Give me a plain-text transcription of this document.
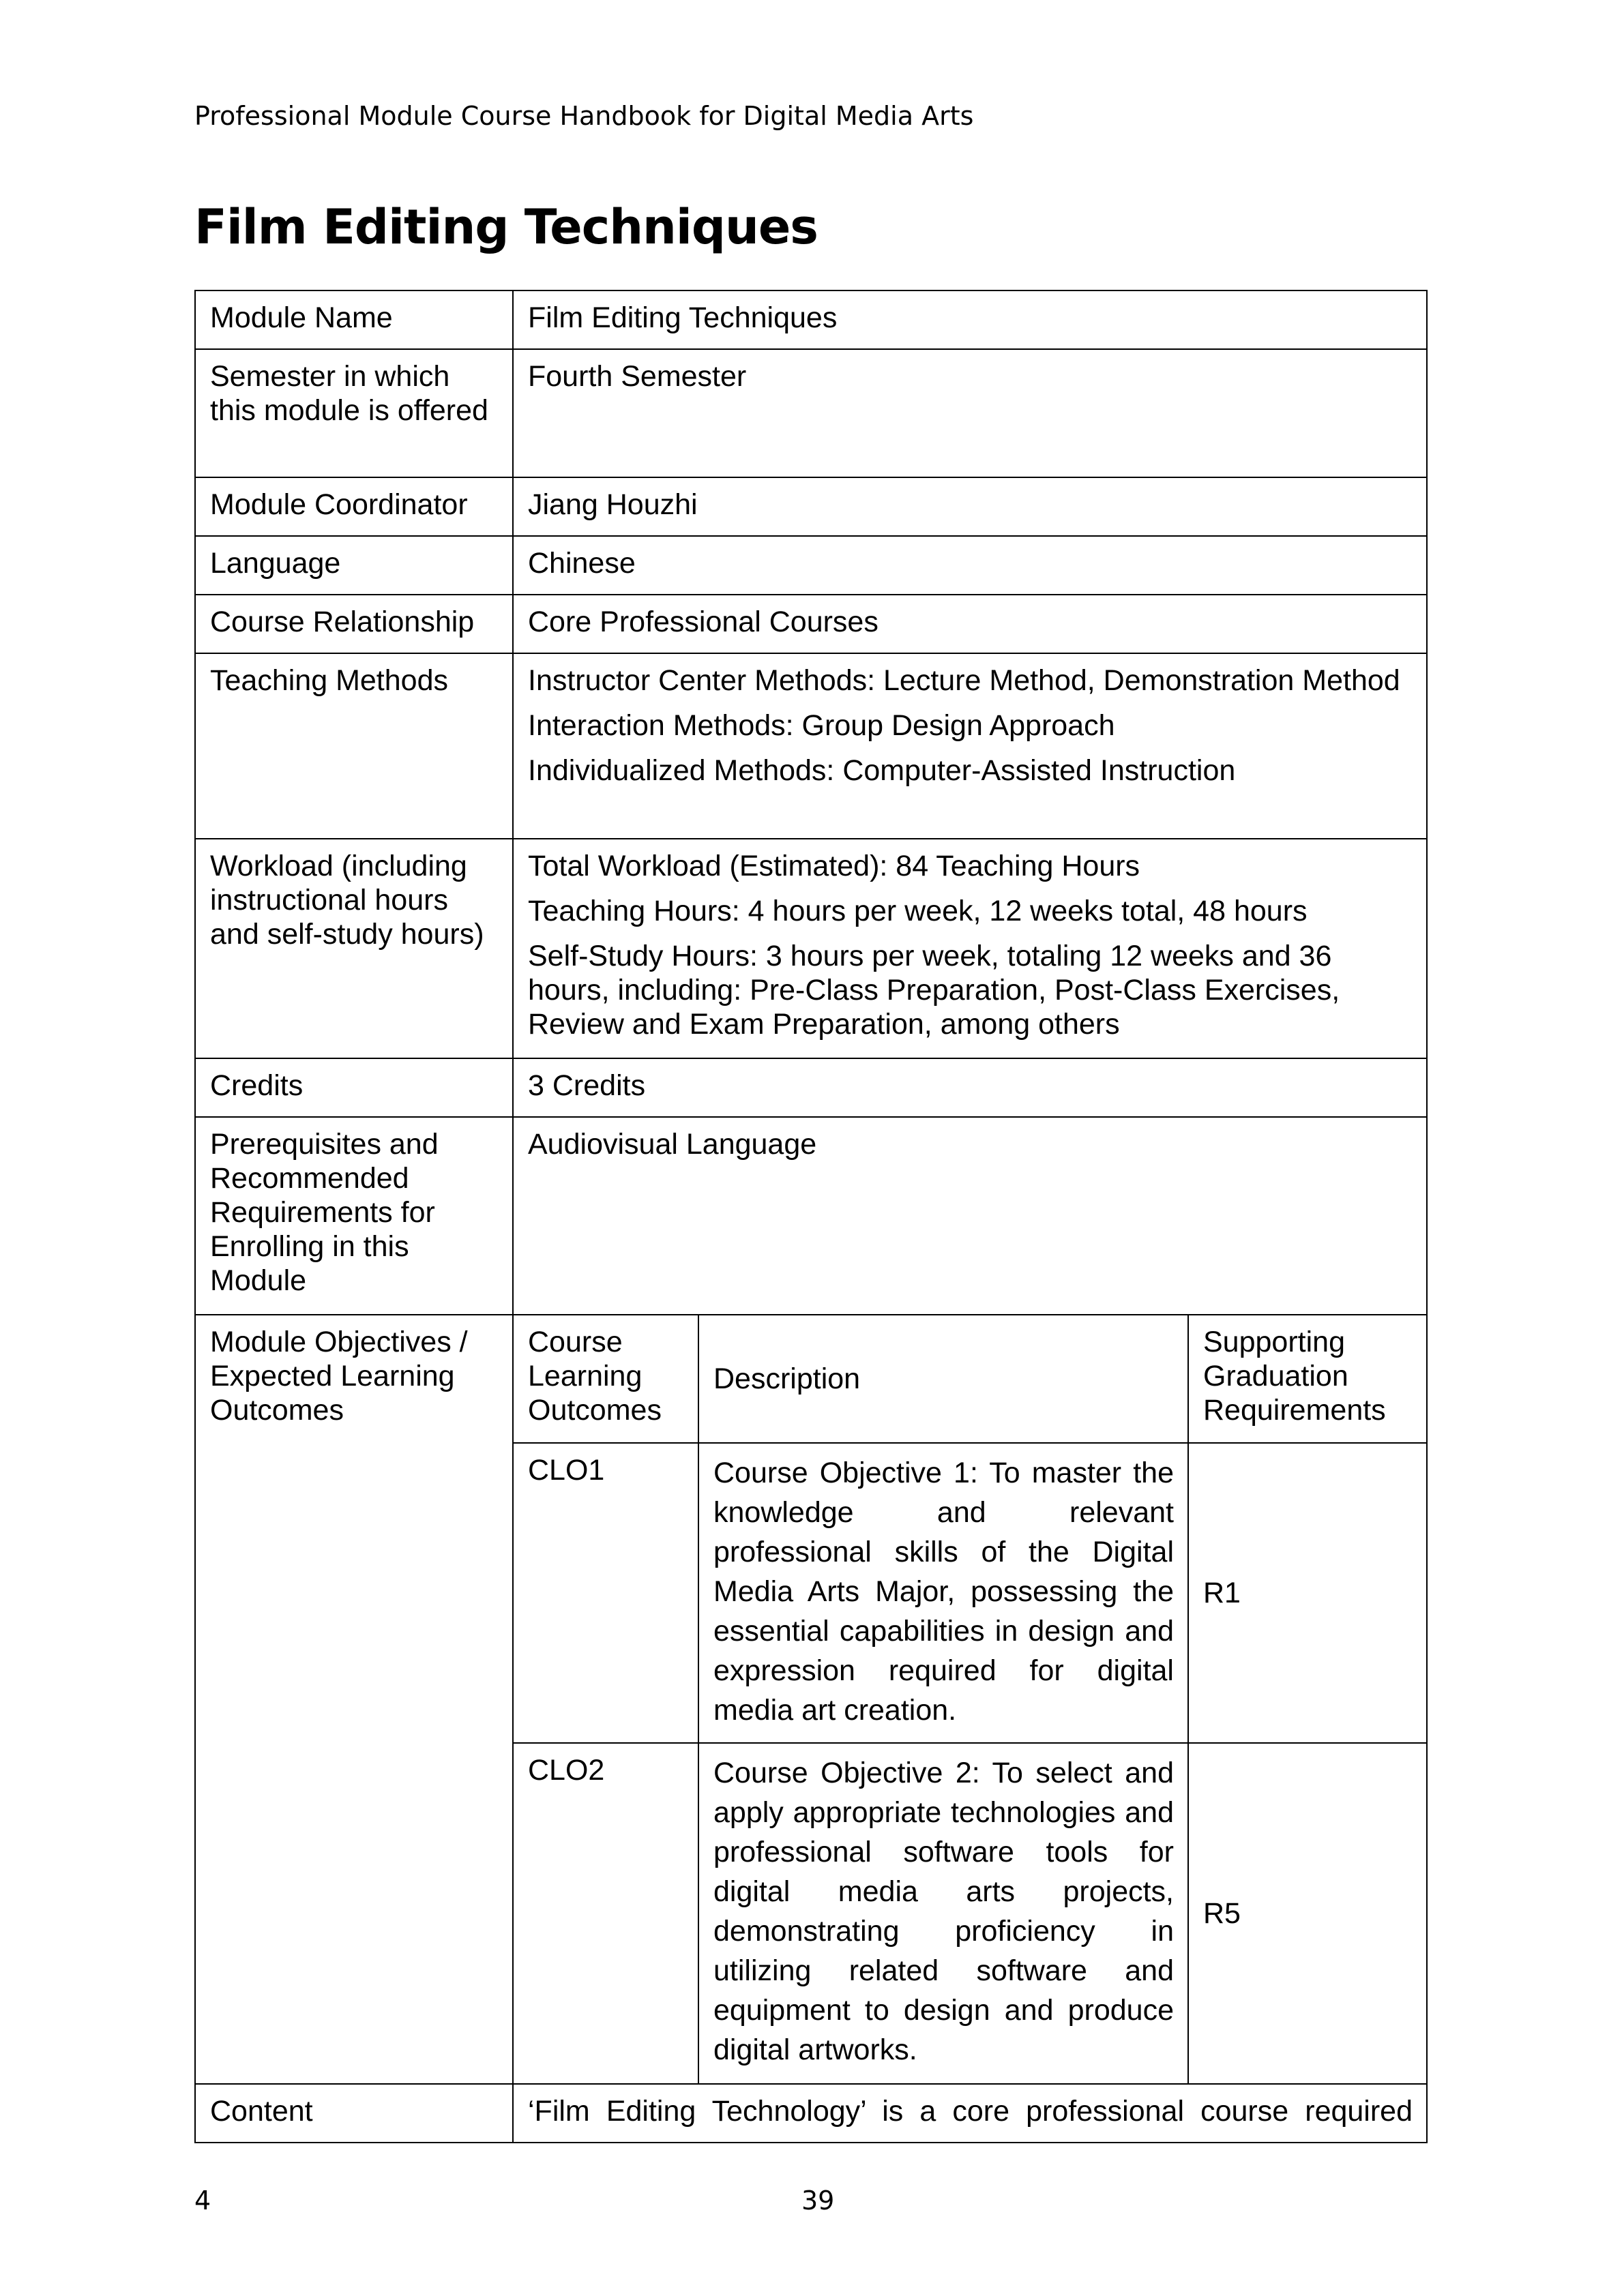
Professional Module Course Handbook for Digital Media Arts
Film Editing Techniques
Module Name	Film Editing Techniques		
Semester in which this module is offered	Fourth Semester		
Module Coordinator	Jiang Houzhi		
Language	Chinese		
Course Relationship	Core Professional Courses		
Teaching Methods	Instructor Center Methods: Lecture Method, Demonstration Method
Interaction Methods: Group Design Approach
Individualized Methods: Computer-Assisted Instruction		

Workload (including instructional hours and self-study hours)	Total Workload (Estimated): 84 Teaching Hours
Teaching Hours: 4 hours per week, 12 weeks total, 48 hours
Self-Study Hours: 3 hours per week, totaling 12 weeks and 36 hours, including: Pre-Class Preparation, Post-Class Exercises, Review and Exam Preparation, among others		

Credits	3 Credits		
Prerequisites and Recommended Requirements for Enrolling in this Module	Audiovisual Language		
Module Objectives / Expected Learning Outcomes	Course Learning Outcomes	Description	Supporting Graduation Requirements
	CLO1	Course Objective 1: To master the knowledge and relevant professional skills of the Digital Media Arts Major, possessing the essential capabilities in design and expression required for digital media art creation.	R1
	CLO2	Course Objective 2: To select and apply appropriate technologies and professional software tools for digital media arts projects, demonstrating proficiency in utilizing related software and equipment to design and produce digital artworks.	R5
Content	‘Film Editing Technology’ is a core professional course required		
4	39
